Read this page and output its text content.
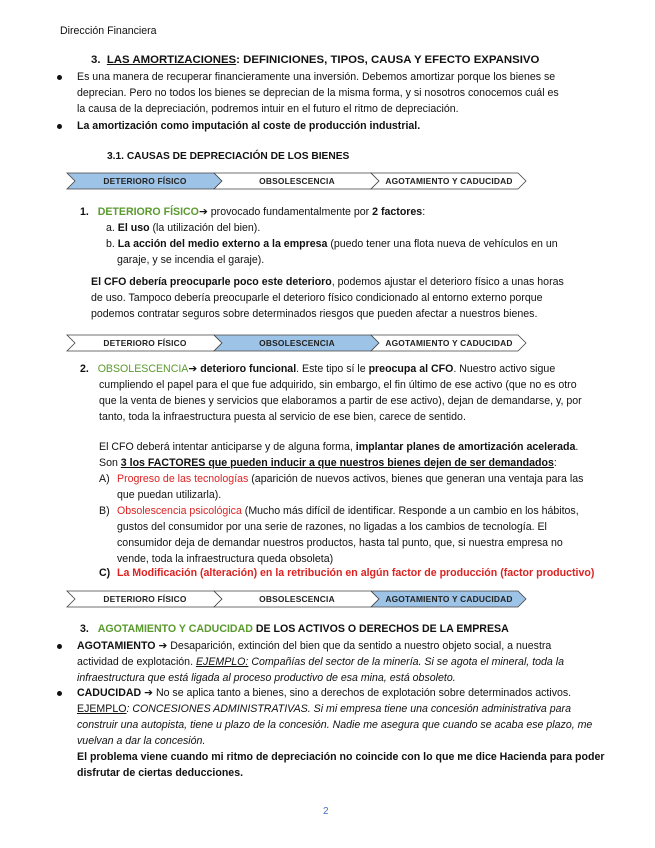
Dirección Financiera
3. LAS AMORTIZACIONES: DEFINICIONES, TIPOS, CAUSA Y EFECTO EXPANSIVO
Es una manera de recuperar financieramente una inversión. Debemos amortizar porque los bienes se
deprecian. Pero no todos los bienes se deprecian de la misma forma, y si nosotros conocemos cuál es
la causa de la depreciación, podremos intuir en el futuro el ritmo de depreciación.
La amortización como imputación al coste de producción industrial.
3.1. CAUSAS DE DEPRECIACIÓN DE LOS BIENES
DETERIORO FÍSICO	OBSOLESCENCIA	AGOTAMIENTO Y CADUCIDAD
1. DETERIORO FÍSICO➔ provocado fundamentalmente por 2 factores:
a. El uso (la utilización del bien).
b. La acción del medio externo a la empresa (puedo tener una flota nueva de vehículos en un
garaje, y se incendia el garaje).
El CFO debería preocuparle poco este deterioro, podemos ajustar el deterioro físico a unas horas
de uso. Tampoco debería preocuparle el deterioro físico condicionado al entorno externo porque
podemos contratar seguros sobre determinados riesgos que pueden afectar a nuestros bienes.
DETERIORO FÍSICO	OBSOLESCENCIA	AGOTAMIENTO Y CADUCIDAD
2. OBSOLESCENCIA➔ deterioro funcional. Este tipo sí le preocupa al CFO. Nuestro activo sigue
cumpliendo el papel para el que fue adquirido, sin embargo, el fin último de ese activo (que no es otro
que la venta de bienes y servicios que elaboramos a partir de ese activo), dejan de demandarse, y, por
tanto, toda la infraestructura puesta al servicio de ese bien, carece de sentido.
El CFO deberá intentar anticiparse y de alguna forma, implantar planes de amortización acelerada.
Son 3 los FACTORES que pueden inducir a que nuestros bienes dejen de ser demandados:
A) Progreso de las tecnologías (aparición de nuevos activos, bienes que generan una ventaja para las
que puedan utilizarla).
B) Obsolescencia psicológica (Mucho más difícil de identificar. Responde a un cambio en los hábitos,
gustos del consumidor por una serie de razones, no ligadas a los cambios de tecnología. El
consumidor deja de demandar nuestros productos, hasta tal punto, que, si nuestra empresa no
vende, toda la infraestructura queda obsoleta)
C) La Modificación (alteración) en la retribución en algún factor de producción (factor productivo)
DETERIORO FÍSICO	OBSOLESCENCIA	AGOTAMIENTO Y CADUCIDAD
3. AGOTAMIENTO Y CADUCIDAD DE LOS ACTIVOS O DERECHOS DE LA EMPRESA
AGOTAMIENTO ➔ Desaparición, extinción del bien que da sentido a nuestro objeto social, a nuestra
actividad de explotación. EJEMPLO: Compañías del sector de la minería. Si se agota el mineral, toda la
infraestructura que está ligada al proceso productivo de esa mina, está obsoleto.
CADUCIDAD ➔ No se aplica tanto a bienes, sino a derechos de explotación sobre determinados activos.
EJEMPLO: CONCESIONES ADMINISTRATIVAS. Si mi empresa tiene una concesión administrativa para
construir una autopista, tiene u plazo de la concesión. Nadie me asegura que cuando se acaba ese plazo, me
vuelvan a dar la concesión.
El problema viene cuando mi ritmo de depreciación no coincide con lo que me dice Hacienda para poder
disfrutar de ciertas deducciones.
2
